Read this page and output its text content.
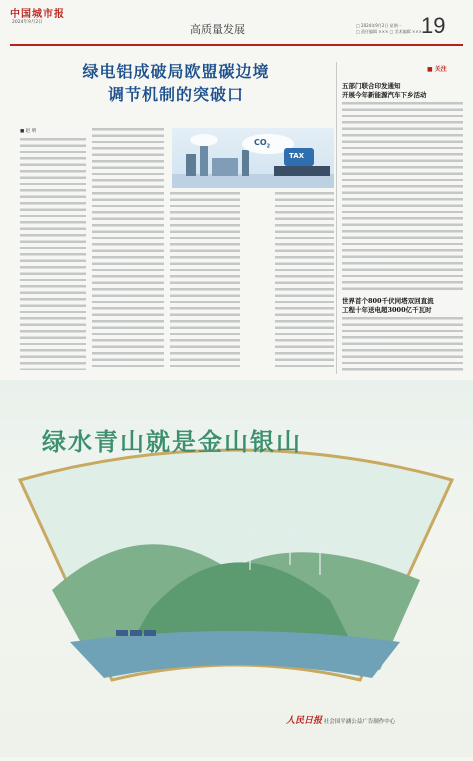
中国城市报
2024年9月2日
高质量发展	□ 2024年9月2日 星期一
□ 责任编辑 ××× □ 美术编辑 ×××
19
绿电铝成破局欧盟碳边境
调节机制的突破口
■ 赵 明
$CO_2$
TAX
■ 关注
五部门联合印发通知
开展今年新能源汽车下乡活动
世界首个800千伏同塔双回直流
工程十年送电超3000亿千瓦时
绿水青山就是金山银山
人民日报 社会国平涵公益广告制作中心
